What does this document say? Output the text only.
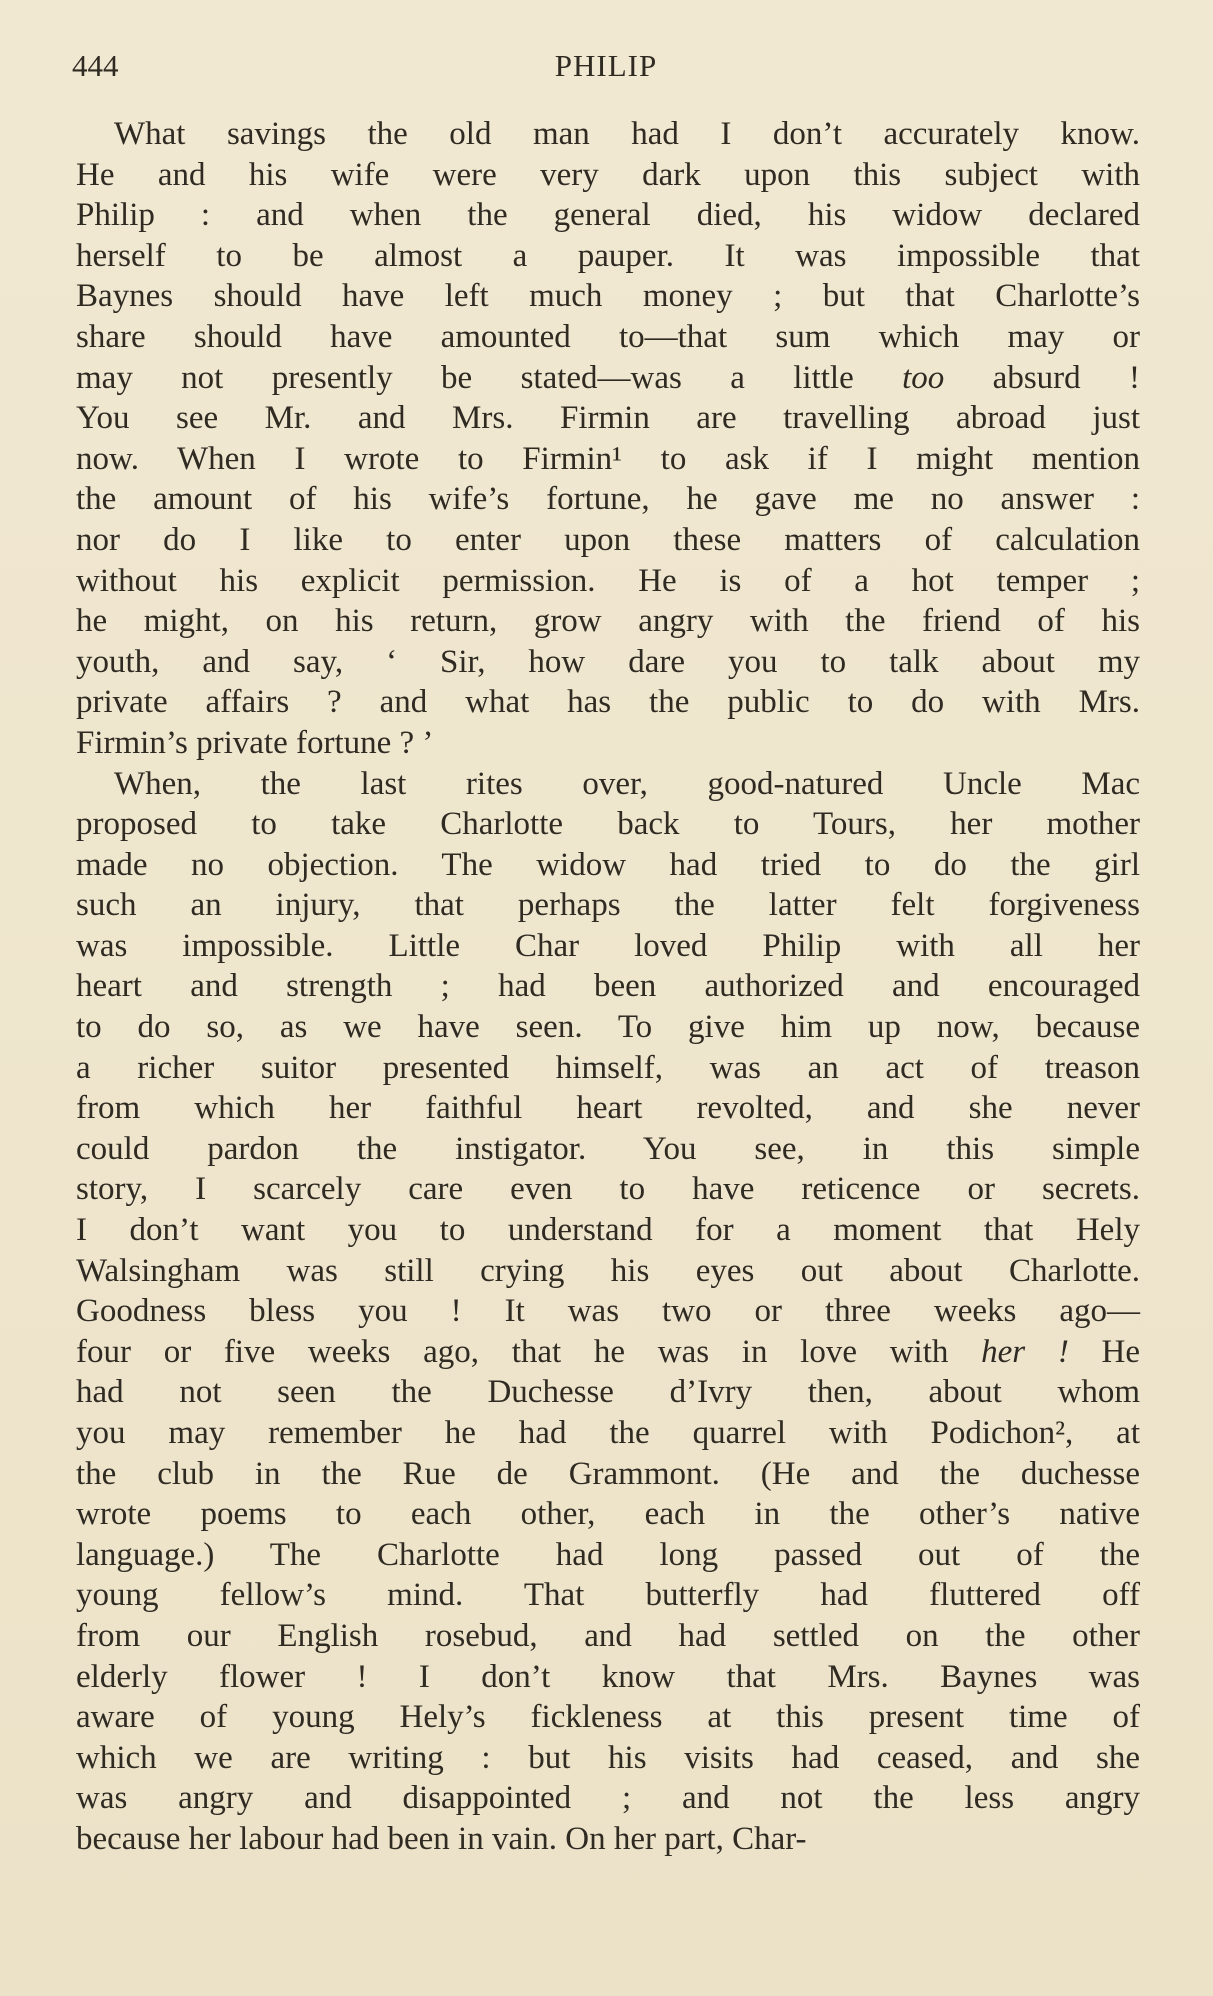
444	PHILIP
What savings the old man had I don’t accurately know.
He and his wife were very dark upon this subject with
Philip : and when the general died, his widow declared
herself to be almost a pauper. It was impossible that
Baynes should have left much money ; but that Charlotte’s
share should have amounted to—that sum which may or
may not presently be stated—was a little too absurd !
You see Mr. and Mrs. Firmin are travelling abroad just
now. When I wrote to Firmin¹ to ask if I might mention
the amount of his wife’s fortune, he gave me no answer :
nor do I like to enter upon these matters of calculation
without his explicit permission. He is of a hot temper ;
he might, on his return, grow angry with the friend of his
youth, and say, ‘ Sir, how dare you to talk about my
private affairs ? and what has the public to do with Mrs.
Firmin’s private fortune ? ’
When, the last rites over, good-natured Uncle Mac
proposed to take Charlotte back to Tours, her mother
made no objection. The widow had tried to do the girl
such an injury, that perhaps the latter felt forgiveness
was impossible. Little Char loved Philip with all her
heart and strength ; had been authorized and encouraged
to do so, as we have seen. To give him up now, because
a richer suitor presented himself, was an act of treason
from which her faithful heart revolted, and she never
could pardon the instigator. You see, in this simple
story, I scarcely care even to have reticence or secrets.
I don’t want you to understand for a moment that Hely
Walsingham was still crying his eyes out about Charlotte.
Goodness bless you ! It was two or three weeks ago—
four or five weeks ago, that he was in love with her ! He
had not seen the Duchesse d’Ivry then, about whom
you may remember he had the quarrel with Podichon², at
the club in the Rue de Grammont. (He and the duchesse
wrote poems to each other, each in the other’s native
language.) The Charlotte had long passed out of the
young fellow’s mind. That butterfly had fluttered off
from our English rosebud, and had settled on the other
elderly flower ! I don’t know that Mrs. Baynes was
aware of young Hely’s fickleness at this present time of
which we are writing : but his visits had ceased, and she
was angry and disappointed ; and not the less angry
because her labour had been in vain. On her part, Char-
